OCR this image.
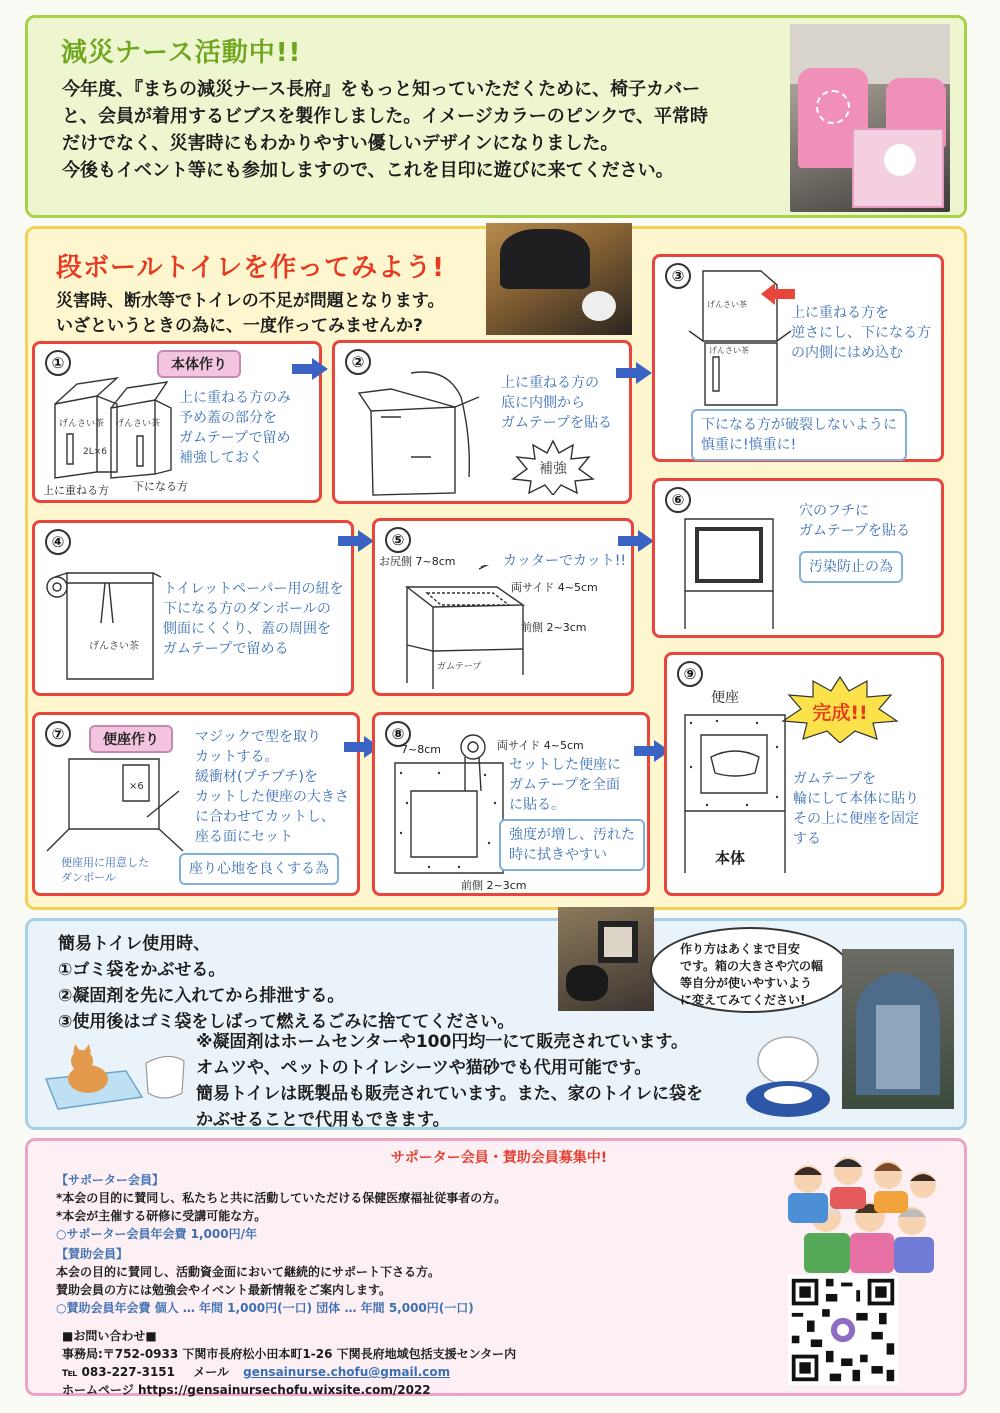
減災ナース活動中!!
今年度、『まちの減災ナース長府』をもっと知っていただくために、椅子カバー
と、会員が着用するビブスを製作しました。イメージカラーのピンクで、平常時
だけでなく、災害時にもわかりやすい優しいデザインになりました。
今後もイベント等にも参加しますので、これを目印に遊びに来てください。
段ボールトイレを作ってみよう!
災害時、断水等でトイレの不足が問題となります。
いざというときの為に、一度作ってみませんか?
①	本体作り
げんさい茶 げんさい茶
2L×6
上に重ねる方のみ
予め蓋の部分を
ガムテープで留め
補強しておく
上に重ねる方 下になる方
②
上に重ねる方の
底に内側から
ガムテープを貼る
補強
③
げんさい茶
げんさい茶
上に重ねる方を
逆さにし、下になる方
の内側にはめ込む
下になる方が破裂しないように
慎重に!慎重に!
④
げんさい茶
トイレットペーパー用の紐を
下になる方のダンボールの
側面にくくり、蓋の周囲を
ガムテープで留める
⑤
お尻側 7~8cm	カッターでカット!!
両サイド 4~5cm
前側 2~3cm
ガムテープ
⑥
穴のフチに
ガムテープを貼る
汚染防止の為
⑦	便座作り
×6
マジックで型を取り
カットする。
緩衝材(プチプチ)を
カットした便座の大きさ
に合わせてカットし、
座る面にセット
便座用に用意した
ダンボール
座り心地を良くする為
⑧
7~8cm	両サイド 4~5cm
セットした便座に
ガムテープを全面
に貼る。
強度が増し、汚れた
時に拭きやすい
前側 2~3cm
⑨
便座
完成!!
ガムテープを
輪にして本体に貼り
その上に便座を固定
する
本体
簡易トイレ使用時、
①ゴミ袋をかぶせる。
②凝固剤を先に入れてから排泄する。
③使用後はゴミ袋をしばって燃えるごみに捨ててください。
作り方はあくまで目安
です。箱の大きさや穴の幅
等自分が使いやすいよう
に変えてみてください!
※凝固剤はホームセンターや100円均一にて販売されています。
オムツや、ペットのトイレシーツや猫砂でも代用可能です。
簡易トイレは既製品も販売されています。また、家のトイレに袋を
かぶせることで代用もできます。
サポーター会員・賛助会員募集中!
【サポーター会員】
*本会の目的に賛同し、私たちと共に活動していただける保健医療福祉従事者の方。
*本会が主催する研修に受講可能な方。
○サポーター会員年会費 1,000円/年
【賛助会員】
本会の目的に賛同し、活動資金面において継続的にサポート下さる方。
賛助会員の方には勉強会やイベント最新情報をご案内します。
○賛助会員年会費 個人 … 年間 1,000円(一口) 団体 … 年間 5,000円(一口)
■お問い合わせ■
事務局:〒752-0933 下関市長府松小田本町1-26 下関長府地域包括支援センター内
℡ 083-227-3151 メール gensainurse.chofu@gmail.com
ホームページ https://gensainursechofu.wixsite.com/2022
